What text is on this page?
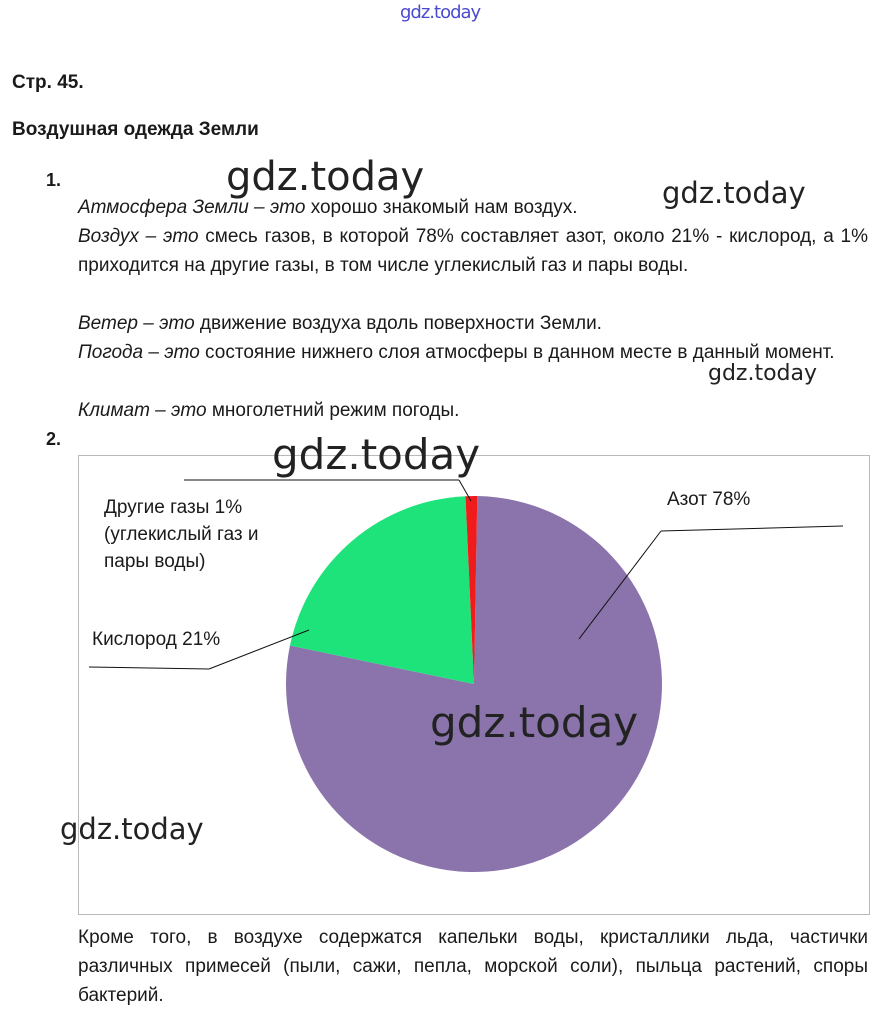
gdz.today
Стр. 45.
Воздушная одежда Земли
1.
Атмосфера Земли – это хорошо знакомый нам воздух.
Воздух – это смесь газов, в которой 78% составляет азот, около 21% - кислород, а 1% приходится на другие газы, в том числе углекислый газ и пары воды.
Ветер – это движение воздуха вдоль поверхности Земли.
Погода – это состояние нижнего слоя атмосферы в данном месте в данный момент.
Климат – это многолетний режим погоды.
2.
Азот 78%
Кислород 21%
Другие газы 1%
(углекислый газ и
пары воды)
Кроме того, в воздухе содержатся капельки воды, кристаллики льда, частички различных примесей (пыли, сажи, пепла, морской соли), пыльца растений, споры бактерий.
gdz.today	gdz.today
gdz.today
gdz.today
gdz.today
gdz.today
